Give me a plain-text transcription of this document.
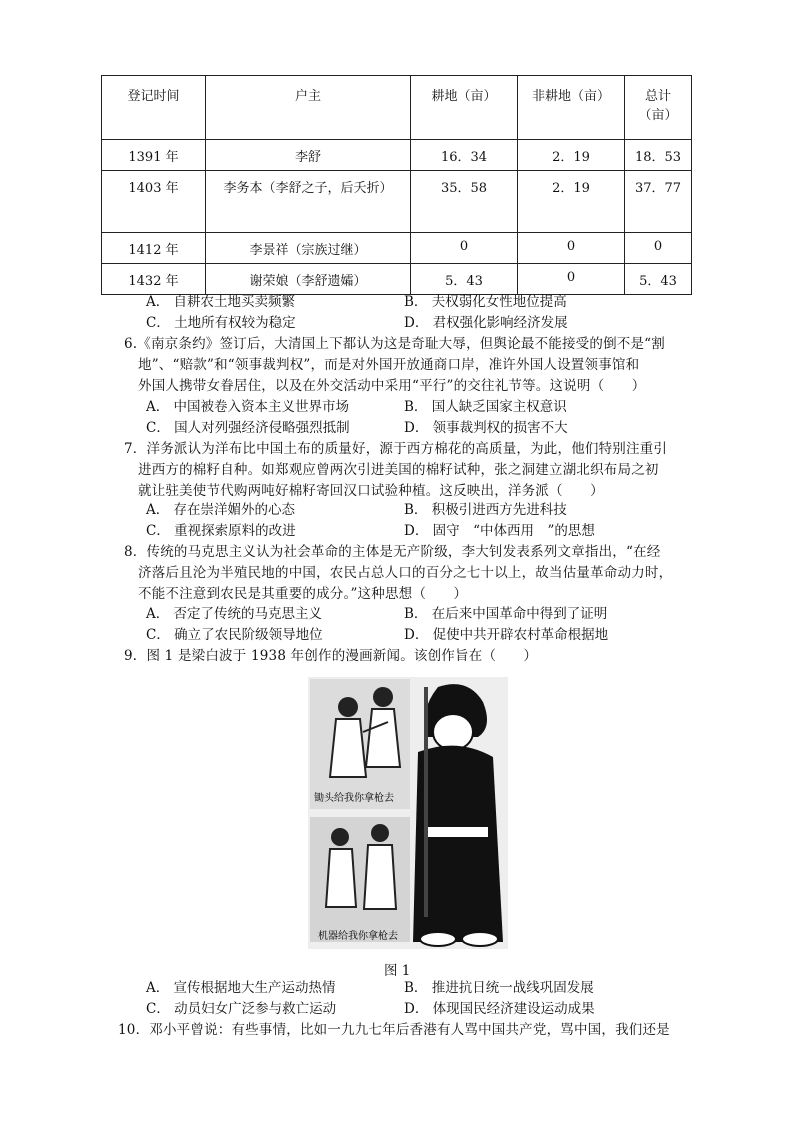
登记时间	户主	耕地（亩）	非耕地（亩）	总计（亩）
1391 年	李舒	16．34	2．19	18．53
1403 年	李务本（李舒之子，后夭折）	35．58	2．19	37．77
1412 年	李景祥（宗族过继）	0	0	0
1432 年	谢荣娘（李舒遗孀）	5．43	0	5．43
A． 自耕农土地买卖频繁	B． 夫权弱化女性地位提高
C． 土地所有权较为稳定	D． 君权强化影响经济发展
6.《南京条约》签订后，大清国上下都认为这是奇耻大辱，但舆论最不能接受的倒不是“割
地”、“赔款”和“领事裁判权”，而是对外国开放通商口岸，准许外国人设置领事馆和
外国人携带女眷居住，以及在外交活动中采用“平行”的交往礼节等。这说明（　　）
A． 中国被卷入资本主义世界市场	B． 国人缺乏国家主权意识
C． 国人对列强经济侵略强烈抵制	D． 领事裁判权的损害不大
7．洋务派认为洋布比中国土布的质量好，源于西方棉花的高质量，为此，他们特别注重引
进西方的棉籽自种。如郑观应曾两次引进美国的棉籽试种，张之洞建立湖北织布局之初
就让驻美使节代购两吨好棉籽寄回汉口试验种植。这反映出，洋务派（　　）
A． 存在崇洋媚外的心态	B． 积极引进西方先进科技
C． 重视探索原料的改进	D． 固守　“中体西用　”的思想
8．传统的马克思主义认为社会革命的主体是无产阶级，李大钊发表系列文章指出，“在经
济落后且沦为半殖民地的中国，农民占总人口的百分之七十以上，故当估量革命动力时，
不能不注意到农民是其重要的成分。”这种思想（　　）
A． 否定了传统的马克思主义	B． 在后来中国革命中得到了证明
C． 确立了农民阶级领导地位	D． 促使中共开辟农村革命根据地
9．图 1 是梁白波于 1938 年创作的漫画新闻。该创作旨在（　　）
锄头给我你拿枪去
机器给我你拿枪去
图 1
A． 宣传根据地大生产运动热情	B． 推进抗日统一战线巩固发展
C． 动员妇女广泛参与救亡运动	D． 体现国民经济建设运动成果
10．邓小平曾说：有些事情，比如一九九七年后香港有人骂中国共产党，骂中国，我们还是
